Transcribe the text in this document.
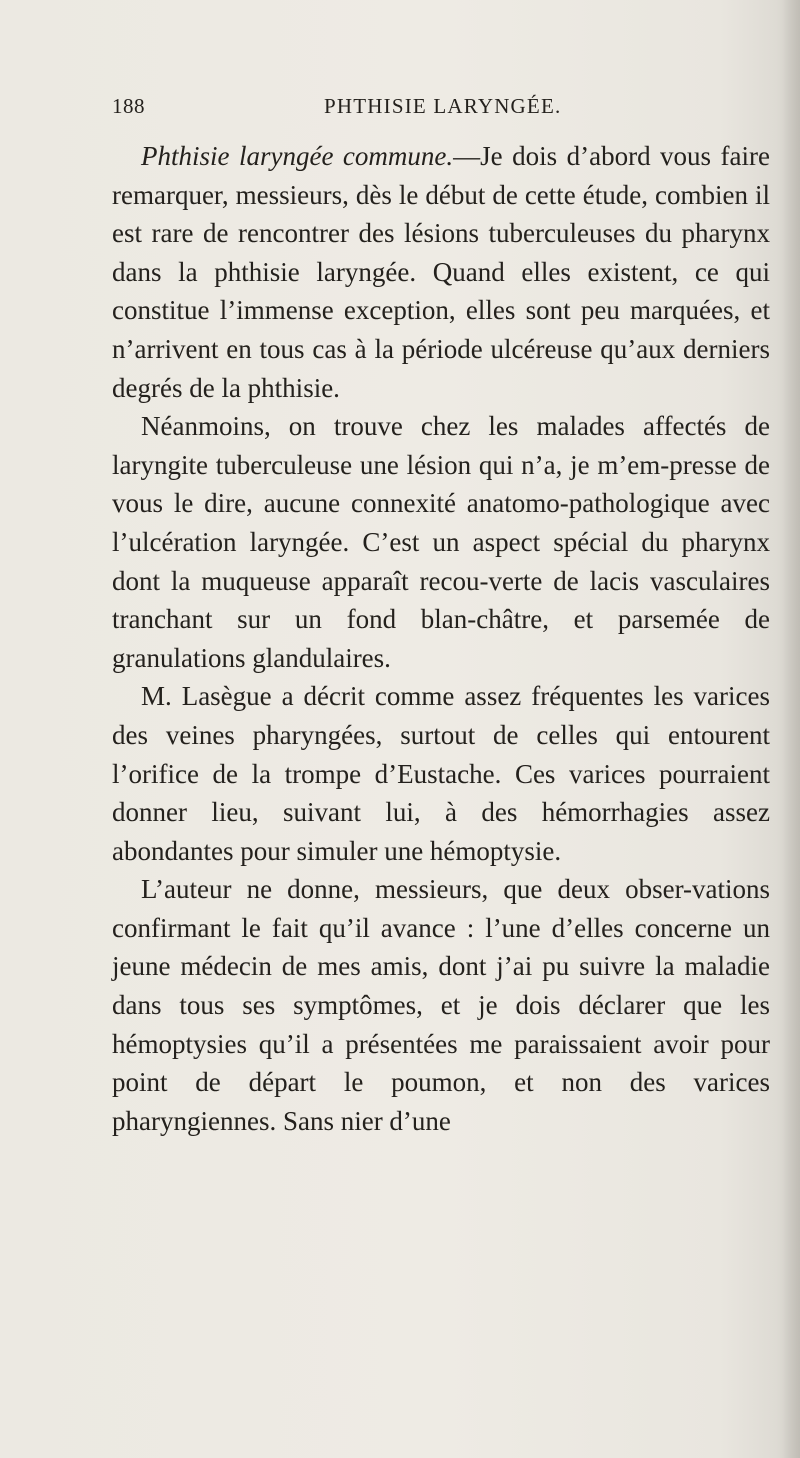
188	PHTHISIE LARYNGÉE.

Phthisie laryngée commune.—Je dois d’abord vous faire remarquer, messieurs, dès le début de cette étude, combien il est rare de rencontrer des lésions tuberculeuses du pharynx dans la phthisie laryngée. Quand elles existent, ce qui constitue l’immense exception, elles sont peu marquées, et n’arrivent en tous cas à la période ulcéreuse qu’aux derniers degrés de la phthisie.

Néanmoins, on trouve chez les malades affectés de laryngite tuberculeuse une lésion qui n’a, je m’em-presse de vous le dire, aucune connexité anatomo-pathologique avec l’ulcération laryngée. C’est un aspect spécial du pharynx dont la muqueuse apparaît recou-verte de lacis vasculaires tranchant sur un fond blan-châtre, et parsemée de granulations glandulaires.

M. Lasègue a décrit comme assez fréquentes les varices des veines pharyngées, surtout de celles qui entourent l’orifice de la trompe d’Eustache. Ces varices pourraient donner lieu, suivant lui, à des hémorrhagies assez abondantes pour simuler une hémoptysie.

L’auteur ne donne, messieurs, que deux obser-vations confirmant le fait qu’il avance : l’une d’elles concerne un jeune médecin de mes amis, dont j’ai pu suivre la maladie dans tous ses symptômes, et je dois déclarer que les hémoptysies qu’il a présentées me paraissaient avoir pour point de départ le poumon, et non des varices pharyngiennes. Sans nier d’une
